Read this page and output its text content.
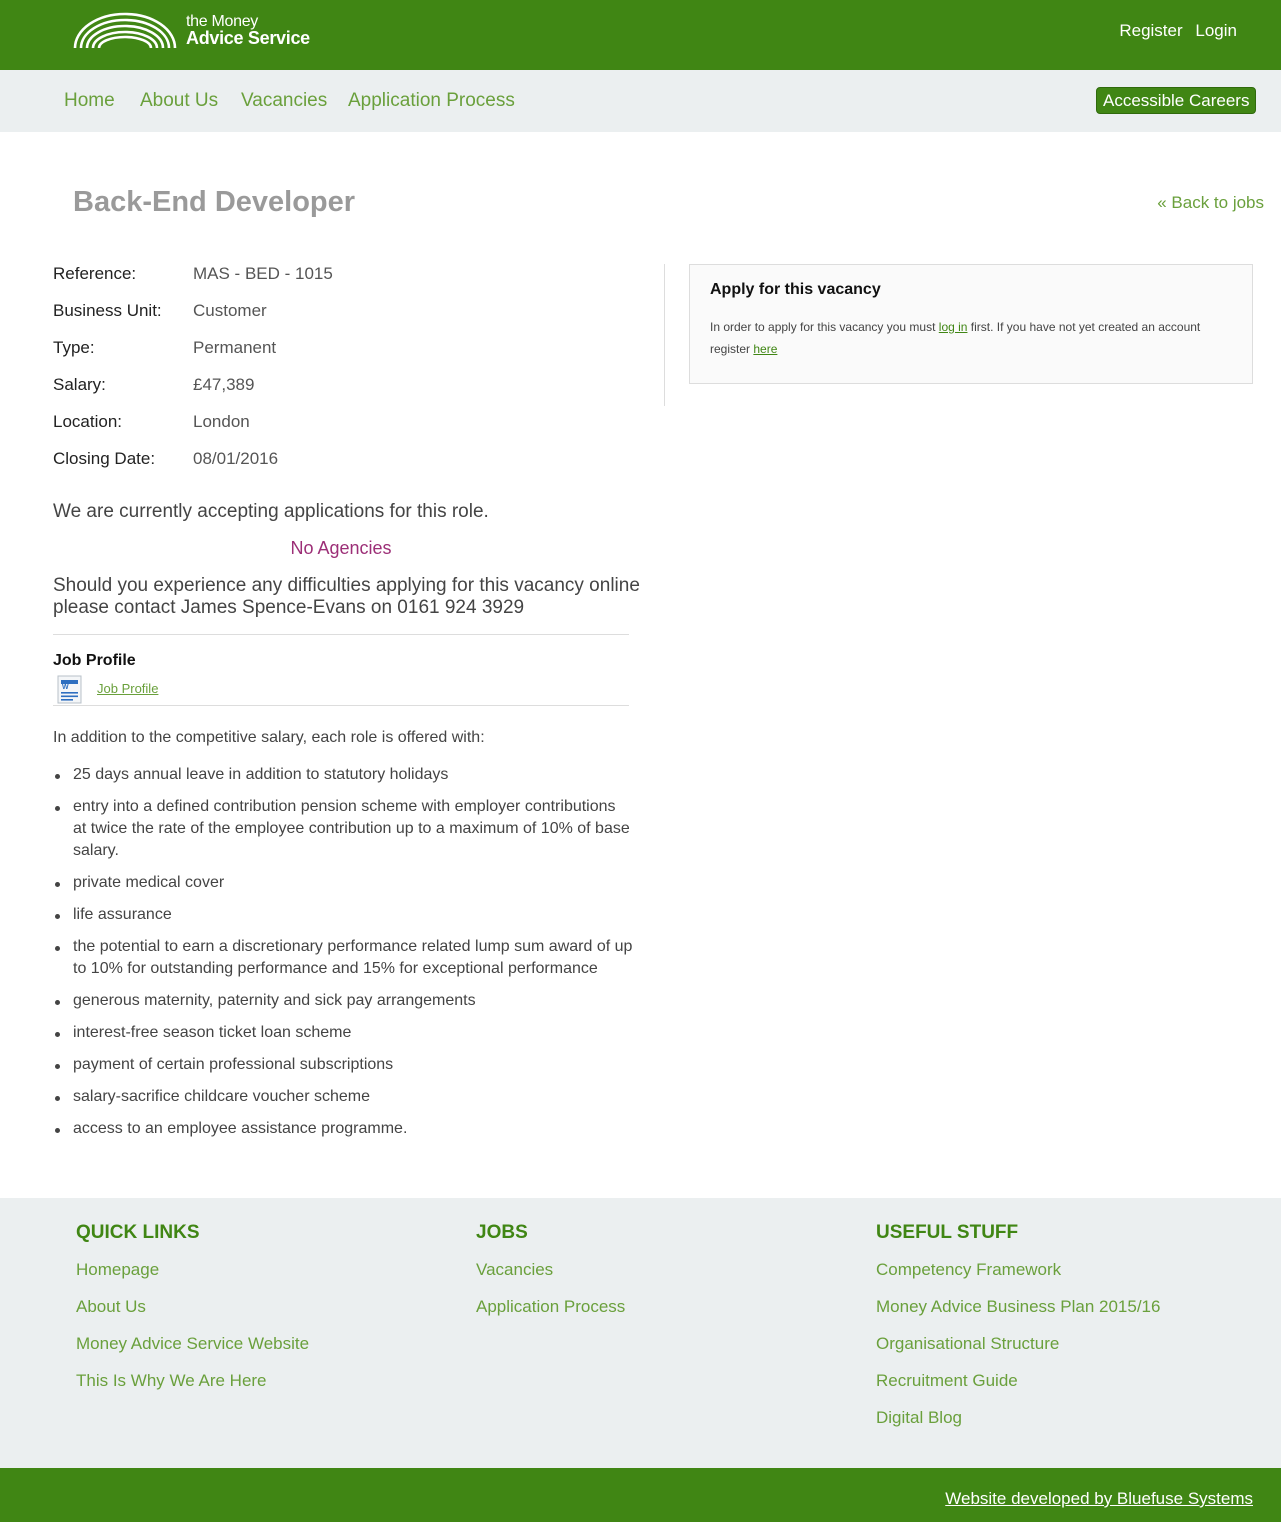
the Money
Advice Service	Register Login
Home About Us Vacancies Application Process	Accessible Careers
Back-End Developer	« Back to jobs
Reference:	MAS - BED - 1015
Business Unit: Customer
Type:	Permanent
Salary:	£47,389
Location:	London
Closing Date: 08/01/2016

We are currently accepting applications for this role.

No Agencies

Should you experience any difficulties applying for this vacancy online please contact James Spence-Evans on 0161 924 3929

Job Profile
W Job Profile

In addition to the competitive salary, each role is offered with:

25 days annual leave in addition to statutory holidays
entry into a defined contribution pension scheme with employer contributions at twice the rate of the employee contribution up to a maximum of 10% of base salary.
private medical cover
life assurance
the potential to earn a discretionary performance related lump sum award of up to 10% for outstanding performance and 15% for exceptional performance
generous maternity, paternity and sick pay arrangements
interest-free season ticket loan scheme
payment of certain professional subscriptions
salary-sacrifice childcare voucher scheme
access to an employee assistance programme.
Apply for this vacancy

In order to apply for this vacancy you must log in first. If you have not yet created an account register here

QUICK LINKS
Homepage
About Us
Money Advice Service Website
This Is Why We Are Here
JOBS
Vacancies
Application Process
USEFUL STUFF
Competency Framework
Money Advice Business Plan 2015/16
Organisational Structure
Recruitment Guide
Digital Blog
Website developed by Bluefuse Systems
